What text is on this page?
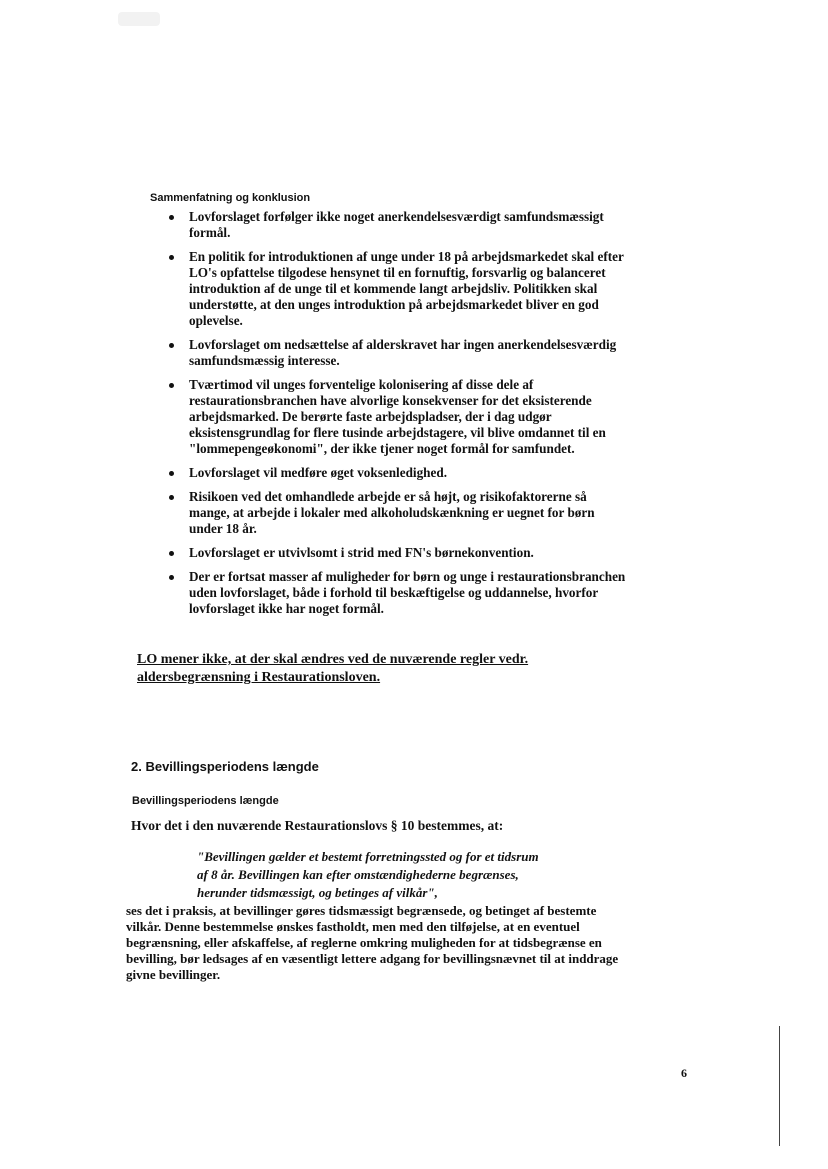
Sammenfatning og konklusion
Lovforslaget forfølger ikke noget anerkendelsesværdigt samfundsmæssigt formål.
En politik for introduktionen af unge under 18 på arbejdsmarkedet skal efter LO's opfattelse tilgodese hensynet til en fornuftig, forsvarlig og balanceret introduktion af de unge til et kommende langt arbejdsliv. Politikken skal understøtte, at den unges introduktion på arbejdsmarkedet bliver en god oplevelse.
Lovforslaget om nedsættelse af alderskravet har ingen anerkendelsesværdig samfundsmæssig interesse.
Tværtimod vil unges forventelige kolonisering af disse dele af restaurationsbranchen have alvorlige konsekvenser for det eksisterende arbejdsmarked. De berørte faste arbejdspladser, der i dag udgør eksistensgrundlag for flere tusinde arbejdstagere, vil blive omdannet til en "lommepengeøkonomi", der ikke tjener noget formål for samfundet.
Lovforslaget vil medføre øget voksenledighed.
Risikoen ved det omhandlede arbejde er så højt, og risikofaktorerne så mange, at arbejde i lokaler med alkoholudskænkning er uegnet for børn under 18 år.
Lovforslaget er utvivlsomt i strid med FN's børnekonvention.
Der er fortsat masser af muligheder for børn og unge i restaurationsbranchen uden lovforslaget, både i forhold til beskæftigelse og uddannelse, hvorfor lovforslaget ikke har noget formål.
LO mener ikke, at der skal ændres ved de nuværende regler vedr. aldersbegrænsning i Restaurationsloven.
2. Bevillingsperiodens længde
Bevillingsperiodens længde
Hvor det i den nuværende Restaurationslovs § 10 bestemmes, at:
"Bevillingen gælder et bestemt forretningssted og for et tidsrum af 8 år. Bevillingen kan efter omstændighederne begrænses, herunder tidsmæssigt, og betinges af vilkår",
ses det i praksis, at bevillinger gøres tidsmæssigt begrænsede, og betinget af bestemte vilkår. Denne bestemmelse ønskes fastholdt, men med den tilføjelse, at en eventuel begrænsning, eller afskaffelse, af reglerne omkring muligheden for at tidsbegrænse en bevilling, bør ledsages af en væsentligt lettere adgang for bevillingsnævnet til at inddrage givne bevillinger.
6
